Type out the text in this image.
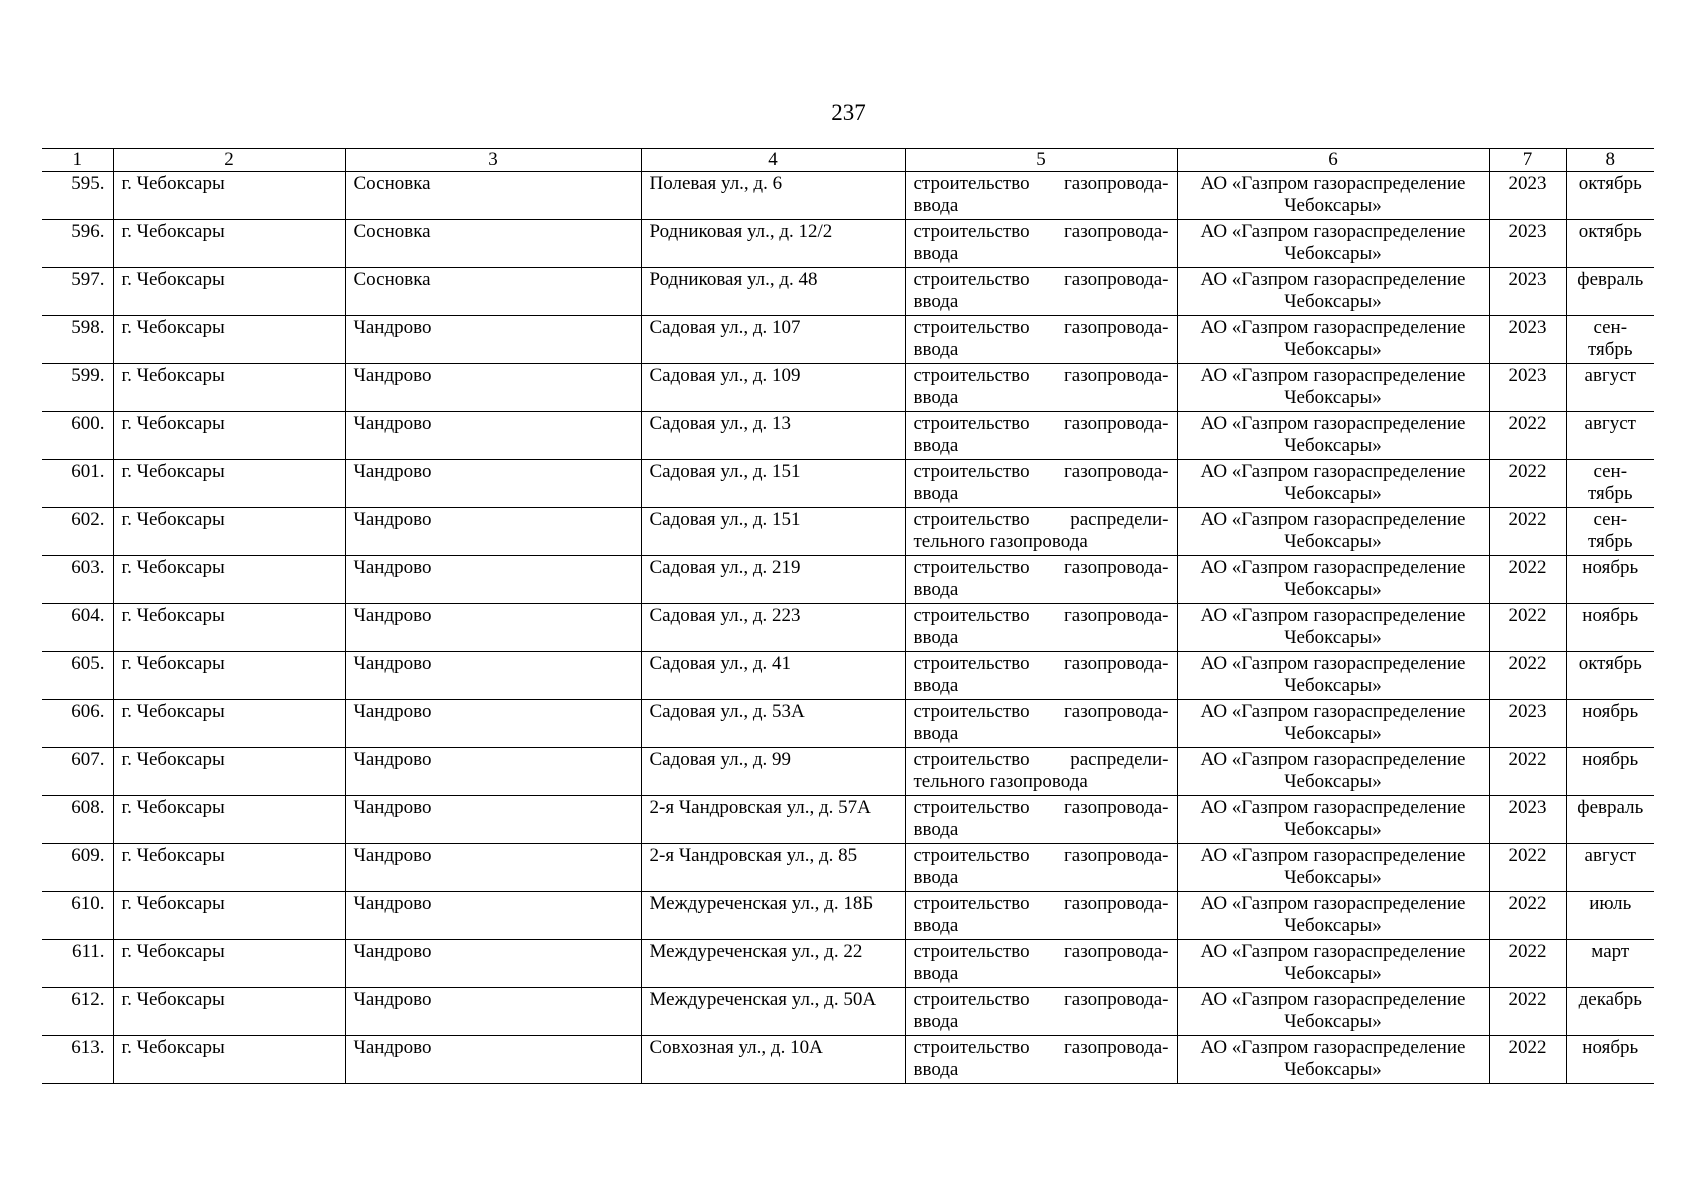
237
1	2	3	4	5	6	7	8
595.	г. Чебоксары	Сосновка	Полевая ул., д. 6	строительство газопровода-ввода	АО «Газпром газораспределение Чебоксары»	2023	октябрь
596.	г. Чебоксары	Сосновка	Родниковая ул., д. 12/2	строительство газопровода-ввода	АО «Газпром газораспределение Чебоксары»	2023	октябрь
597.	г. Чебоксары	Сосновка	Родниковая ул., д. 48	строительство газопровода-ввода	АО «Газпром газораспределение Чебоксары»	2023	февраль
598.	г. Чебоксары	Чандрово	Садовая ул., д. 107	строительство газопровода-ввода	АО «Газпром газораспределение Чебоксары»	2023	сен-тябрь
599.	г. Чебоксары	Чандрово	Садовая ул., д. 109	строительство газопровода-ввода	АО «Газпром газораспределение Чебоксары»	2023	август
600.	г. Чебоксары	Чандрово	Садовая ул., д. 13	строительство газопровода-ввода	АО «Газпром газораспределение Чебоксары»	2022	август
601.	г. Чебоксары	Чандрово	Садовая ул., д. 151	строительство газопровода-ввода	АО «Газпром газораспределение Чебоксары»	2022	сен-тябрь
602.	г. Чебоксары	Чандрово	Садовая ул., д. 151	строительство распредели-тельного газопровода	АО «Газпром газораспределение Чебоксары»	2022	сен-тябрь
603.	г. Чебоксары	Чандрово	Садовая ул., д. 219	строительство газопровода-ввода	АО «Газпром газораспределение Чебоксары»	2022	ноябрь
604.	г. Чебоксары	Чандрово	Садовая ул., д. 223	строительство газопровода-ввода	АО «Газпром газораспределение Чебоксары»	2022	ноябрь
605.	г. Чебоксары	Чандрово	Садовая ул., д. 41	строительство газопровода-ввода	АО «Газпром газораспределение Чебоксары»	2022	октябрь
606.	г. Чебоксары	Чандрово	Садовая ул., д. 53А	строительство газопровода-ввода	АО «Газпром газораспределение Чебоксары»	2023	ноябрь
607.	г. Чебоксары	Чандрово	Садовая ул., д. 99	строительство распредели-тельного газопровода	АО «Газпром газораспределение Чебоксары»	2022	ноябрь
608.	г. Чебоксары	Чандрово	2-я Чандровская ул., д. 57А	строительство газопровода-ввода	АО «Газпром газораспределение Чебоксары»	2023	февраль
609.	г. Чебоксары	Чандрово	2-я Чандровская ул., д. 85	строительство газопровода-ввода	АО «Газпром газораспределение Чебоксары»	2022	август
610.	г. Чебоксары	Чандрово	Междуреченская ул., д. 18Б	строительство газопровода-ввода	АО «Газпром газораспределение Чебоксары»	2022	июль
611.	г. Чебоксары	Чандрово	Междуреченская ул., д. 22	строительство газопровода-ввода	АО «Газпром газораспределение Чебоксары»	2022	март
612.	г. Чебоксары	Чандрово	Междуреченская ул., д. 50А	строительство газопровода-ввода	АО «Газпром газораспределение Чебоксары»	2022	декабрь
613.	г. Чебоксары	Чандрово	Совхозная ул., д. 10А	строительство газопровода-ввода	АО «Газпром газораспределение Чебоксары»	2022	ноябрь
